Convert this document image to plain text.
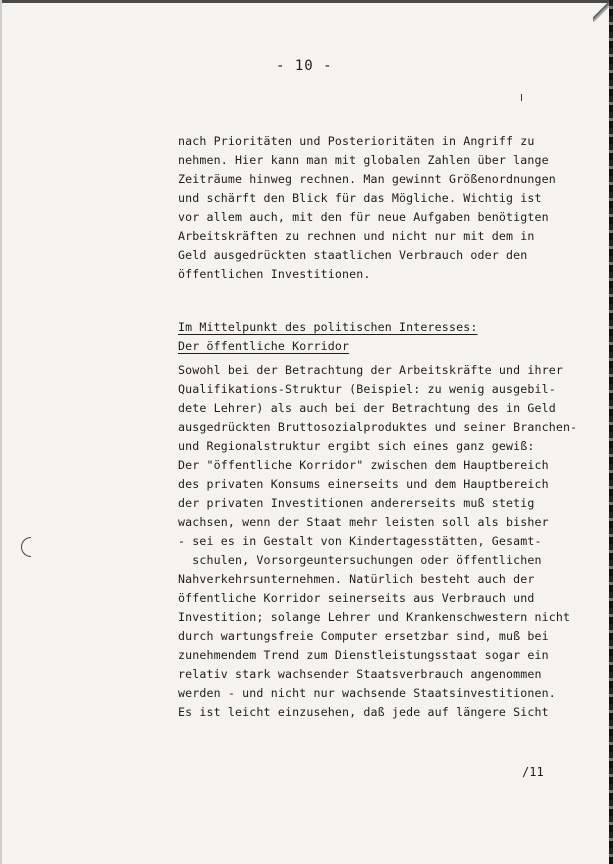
- 10 -
nach Prioritäten und Posterioritäten in Angriff zu
nehmen. Hier kann man mit globalen Zahlen über lange
Zeiträume hinweg rechnen. Man gewinnt Größenordnungen
und schärft den Blick für das Mögliche. Wichtig ist
vor allem auch, mit den für neue Aufgaben benötigten
Arbeitskräften zu rechnen und nicht nur mit dem in
Geld ausgedrückten staatlichen Verbrauch oder den
öffentlichen Investitionen.
Im Mittelpunkt des politischen Interesses:
Der öffentliche Korridor
Sowohl bei der Betrachtung der Arbeitskräfte und ihrer
Qualifikations-Struktur (Beispiel: zu wenig ausgebil-
dete Lehrer) als auch bei der Betrachtung des in Geld
ausgedrückten Bruttosozialproduktes und seiner Branchen-
und Regionalstruktur ergibt sich eines ganz gewiß:
Der "öffentliche Korridor" zwischen dem Hauptbereich
des privaten Konsums einerseits und dem Hauptbereich
der privaten Investitionen andererseits muß stetig
wachsen, wenn der Staat mehr leisten soll als bisher
- sei es in Gestalt von Kindertagesstätten, Gesamt-
schulen, Vorsorgeuntersuchungen oder öffentlichen
Nahverkehrsunternehmen. Natürlich besteht auch der
öffentliche Korridor seinerseits aus Verbrauch und
Investition; solange Lehrer und Krankenschwestern nicht
durch wartungsfreie Computer ersetzbar sind, muß bei
zunehmendem Trend zum Dienstleistungsstaat sogar ein
relativ stark wachsender Staatsverbrauch angenommen
werden - und nicht nur wachsende Staatsinvestitionen.
Es ist leicht einzusehen, daß jede auf längere Sicht
/11
